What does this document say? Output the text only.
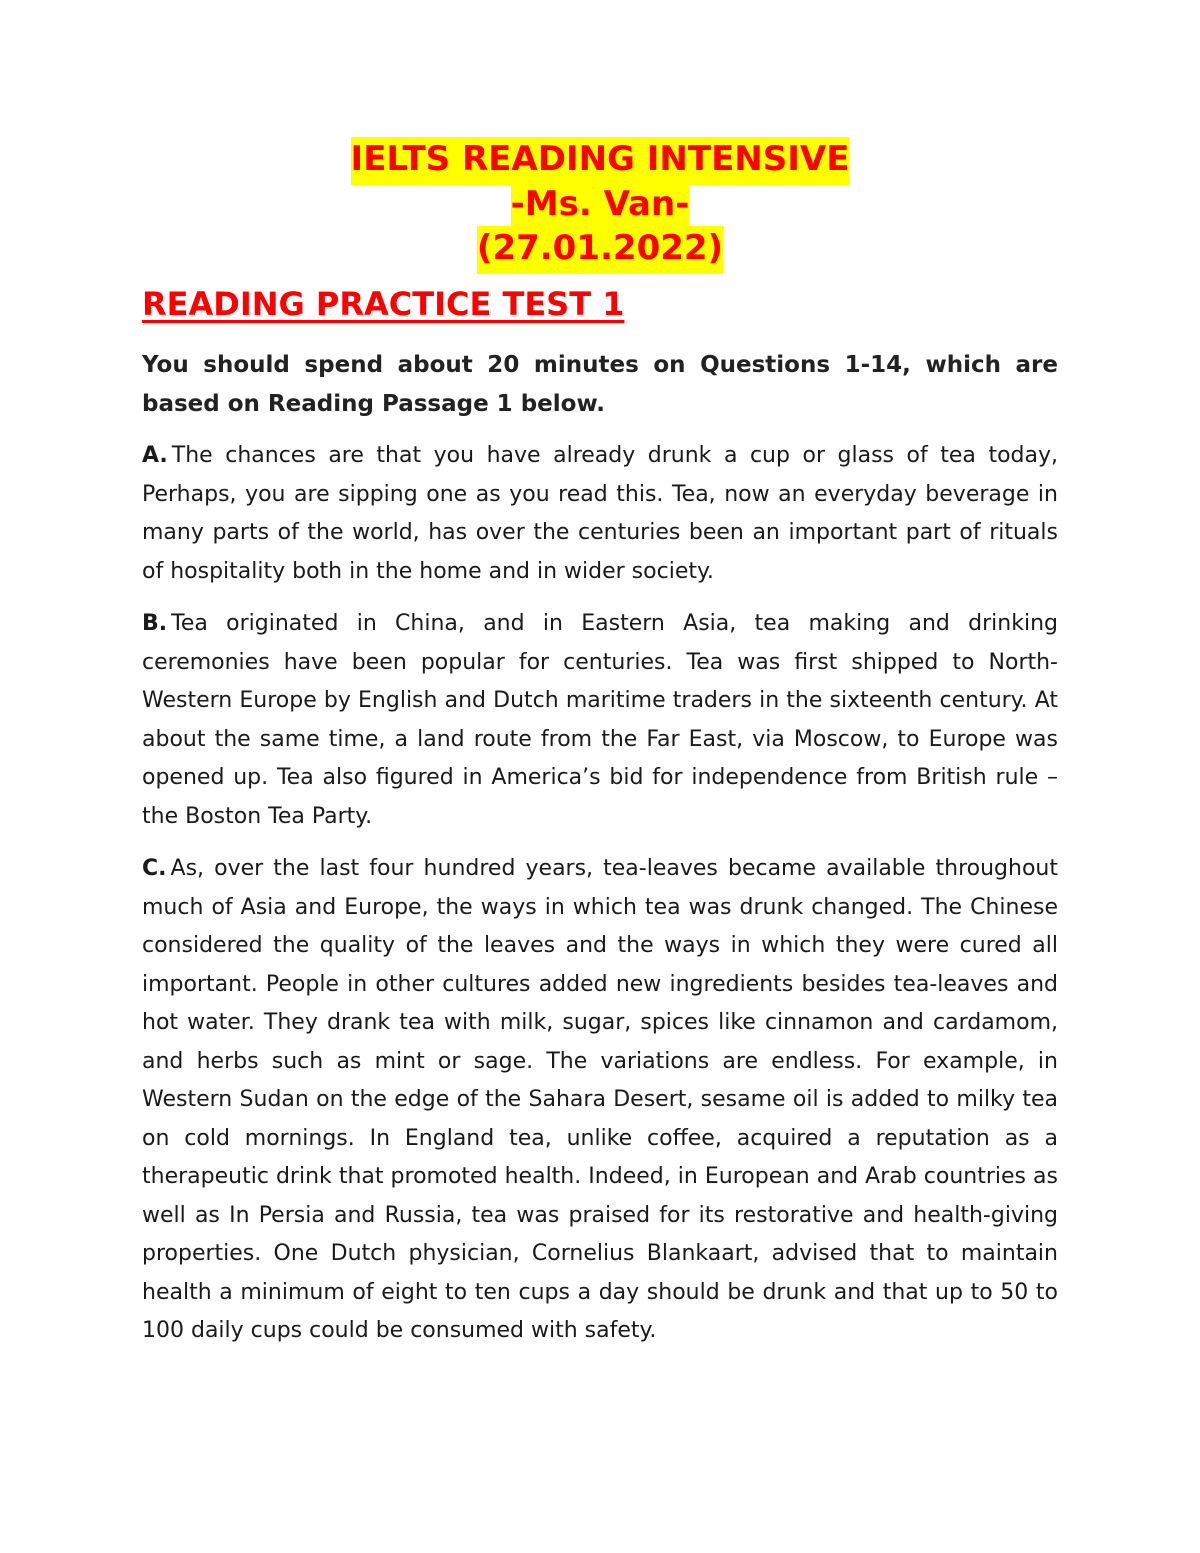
IELTS READING INTENSIVE
-Ms. Van-
(27.01.2022)
READING PRACTICE TEST 1

You should spend about 20 minutes on Questions 1-14, which are based on Reading Passage 1 below.

A. The chances are that you have already drunk a cup or glass of tea today, Perhaps, you are sipping one as you read this. Tea, now an everyday beverage in many parts of the world, has over the centuries been an important part of rituals of hospitality both in the home and in wider society.

B. Tea originated in China, and in Eastern Asia, tea making and drinking ceremonies have been popular for centuries. Tea was first shipped to North-Western Europe by English and Dutch maritime traders in the sixteenth century. At about the same time, a land route from the Far East, via Moscow, to Europe was opened up. Tea also figured in America’s bid for independence from British rule – the Boston Tea Party.

C. As, over the last four hundred years, tea-leaves became available throughout much of Asia and Europe, the ways in which tea was drunk changed. The Chinese considered the quality of the leaves and the ways in which they were cured all important. People in other cultures added new ingredients besides tea-leaves and hot water. They drank tea with milk, sugar, spices like cinnamon and cardamom, and herbs such as mint or sage. The variations are endless. For example, in Western Sudan on the edge of the Sahara Desert, sesame oil is added to milky tea on cold mornings. In England tea, unlike coffee, acquired a reputation as a therapeutic drink that promoted health. Indeed, in European and Arab countries as well as In Persia and Russia, tea was praised for its restorative and health-giving properties. One Dutch physician, Cornelius Blankaart, advised that to maintain health a minimum of eight to ten cups a day should be drunk and that up to 50 to 100 daily cups could be consumed with safety.
